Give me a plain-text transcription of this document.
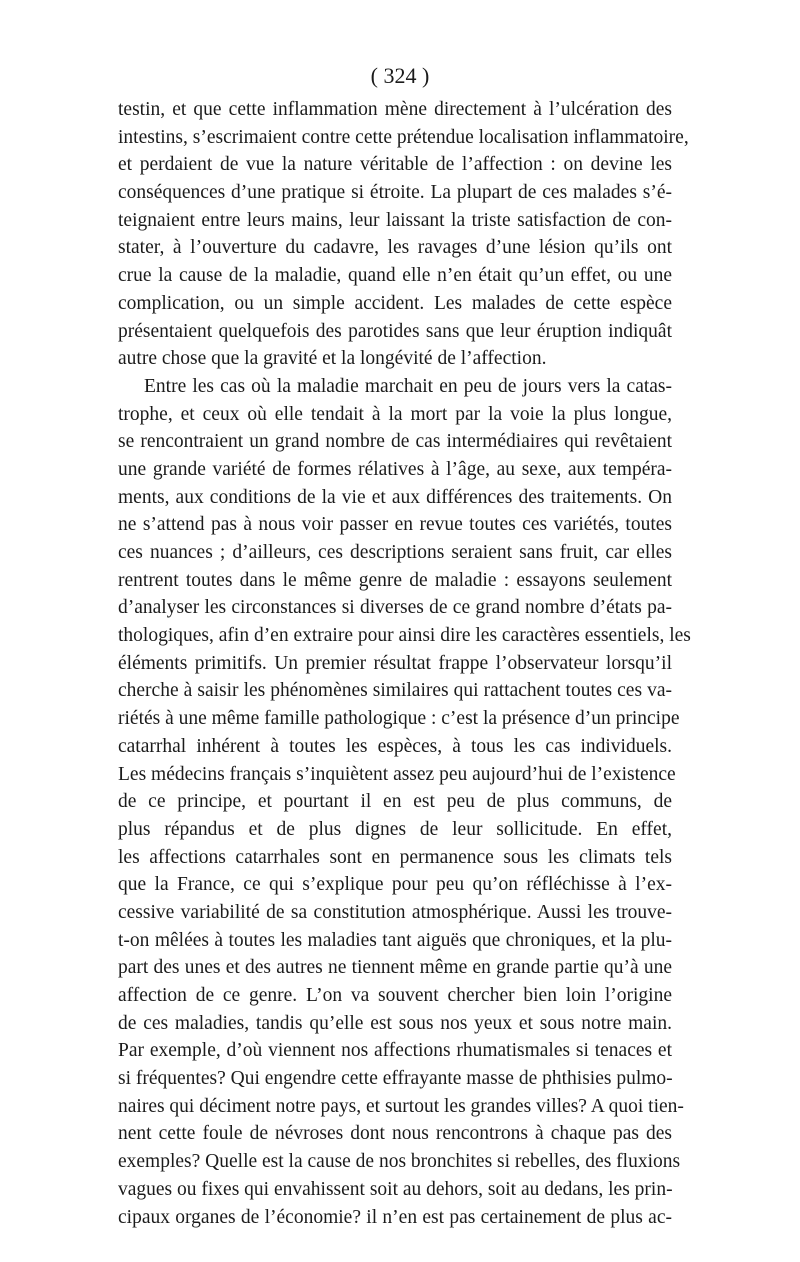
( 324 )
testin, et que cette inflammation mène directement à l’ulcération des
intestins, s’escrimaient contre cette prétendue localisation inflammatoire,
et perdaient de vue la nature véritable de l’affection : on devine les
conséquences d’une pratique si étroite. La plupart de ces malades s’é-
teignaient entre leurs mains, leur laissant la triste satisfaction de con-
stater, à l’ouverture du cadavre, les ravages d’une lésion qu’ils ont
crue la cause de la maladie, quand elle n’en était qu’un effet, ou une
complication, ou un simple accident. Les malades de cette espèce
présentaient quelquefois des parotides sans que leur éruption indiquât
autre chose que la gravité et la longévité de l’affection.
Entre les cas où la maladie marchait en peu de jours vers la catas-
trophe, et ceux où elle tendait à la mort par la voie la plus longue,
se rencontraient un grand nombre de cas intermédiaires qui revêtaient
une grande variété de formes rélatives à l’âge, au sexe, aux tempéra-
ments, aux conditions de la vie et aux différences des traitements. On
ne s’attend pas à nous voir passer en revue toutes ces variétés, toutes
ces nuances ; d’ailleurs, ces descriptions seraient sans fruit, car elles
rentrent toutes dans le même genre de maladie : essayons seulement
d’analyser les circonstances si diverses de ce grand nombre d’états pa-
thologiques, afin d’en extraire pour ainsi dire les caractères essentiels, les
éléments primitifs. Un premier résultat frappe l’observateur lorsqu’il
cherche à saisir les phénomènes similaires qui rattachent toutes ces va-
riétés à une même famille pathologique : c’est la présence d’un principe
catarrhal inhérent à toutes les espèces, à tous les cas individuels.
Les médecins français s’inquiètent assez peu aujourd’hui de l’existence
de ce principe, et pourtant il en est peu de plus communs, de
plus répandus et de plus dignes de leur sollicitude. En effet,
les affections catarrhales sont en permanence sous les climats tels
que la France, ce qui s’explique pour peu qu’on réfléchisse à l’ex-
cessive variabilité de sa constitution atmosphérique. Aussi les trouve-
t-on mêlées à toutes les maladies tant aiguës que chroniques, et la plu-
part des unes et des autres ne tiennent même en grande partie qu’à une
affection de ce genre. L’on va souvent chercher bien loin l’origine
de ces maladies, tandis qu’elle est sous nos yeux et sous notre main.
Par exemple, d’où viennent nos affections rhumatismales si tenaces et
si fréquentes? Qui engendre cette effrayante masse de phthisies pulmo-
naires qui déciment notre pays, et surtout les grandes villes? A quoi tien-
nent cette foule de névroses dont nous rencontrons à chaque pas des
exemples? Quelle est la cause de nos bronchites si rebelles, des fluxions
vagues ou fixes qui envahissent soit au dehors, soit au dedans, les prin-
cipaux organes de l’économie? il n’en est pas certainement de plus ac-
